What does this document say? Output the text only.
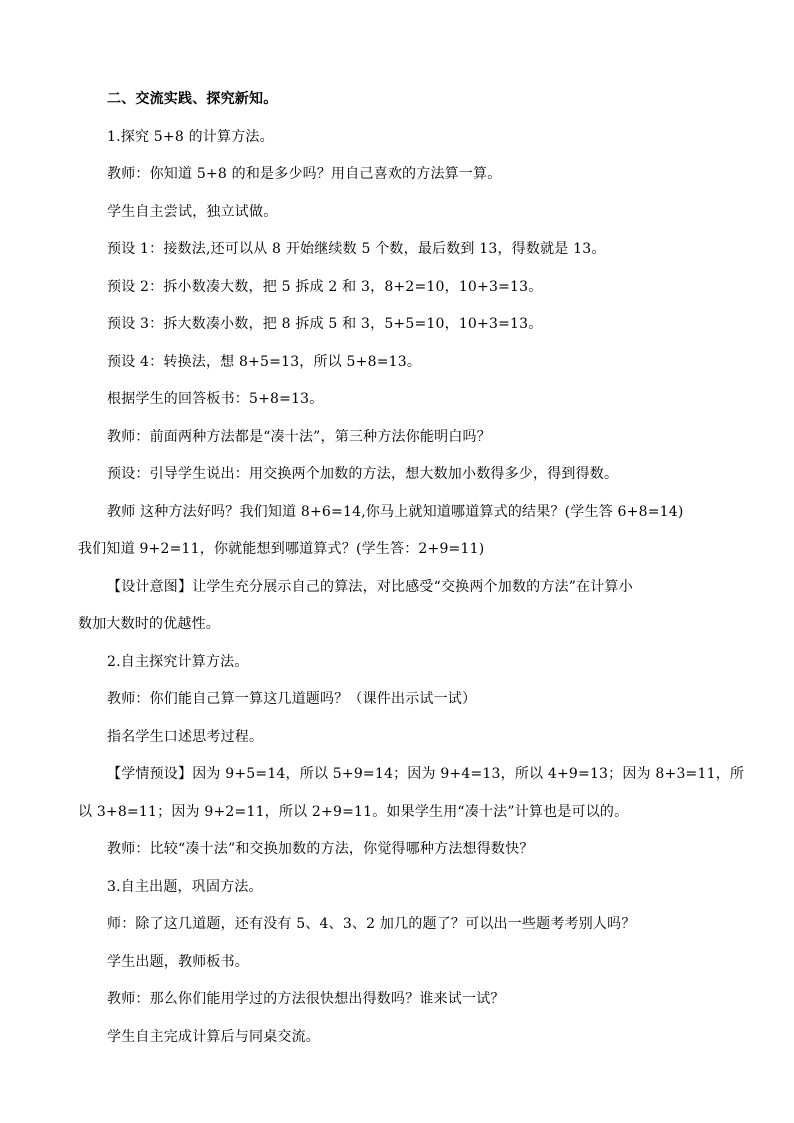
二、交流实践、探究新知。
1.探究 5+8 的计算方法。
教师：你知道 5+8 的和是多少吗？用自己喜欢的方法算一算。
学生自主尝试，独立试做。
预设 1：接数法,还可以从 8 开始继续数 5 个数，最后数到 13，得数就是 13。
预设 2：拆小数凑大数，把 5 拆成 2 和 3，8+2=10，10+3=13。
预设 3：拆大数凑小数，把 8 拆成 5 和 3，5+5=10，10+3=13。
预设 4：转换法，想 8+5=13，所以 5+8=13。
根据学生的回答板书：5+8=13。
教师：前面两种方法都是“凑十法”，第三种方法你能明白吗？
预设：引导学生说出：用交换两个加数的方法，想大数加小数得多少，得到得数。
教师 这种方法好吗？我们知道 8+6=14,你马上就知道哪道算式的结果？(学生答 6+8=14)
我们知道 9+2=11，你就能想到哪道算式？(学生答：2+9=11)
【设计意图】让学生充分展示自己的算法，对比感受“交换两个加数的方法”在计算小
数加大数时的优越性。
2.自主探究计算方法。
教师：你们能自己算一算这几道题吗？（课件出示试一试）
指名学生口述思考过程。
【学情预设】因为 9+5=14，所以 5+9=14；因为 9+4=13，所以 4+9=13；因为 8+3=11，所
以 3+8=11；因为 9+2=11，所以 2+9=11。如果学生用“凑十法”计算也是可以的。
教师：比较“凑十法”和交换加数的方法，你觉得哪种方法想得数快？
3.自主出题，巩固方法。
师：除了这几道题，还有没有 5、4、3、2 加几的题了？可以出一些题考考别人吗？
学生出题，教师板书。
教师：那么你们能用学过的方法很快想出得数吗？谁来试一试？
学生自主完成计算后与同桌交流。
